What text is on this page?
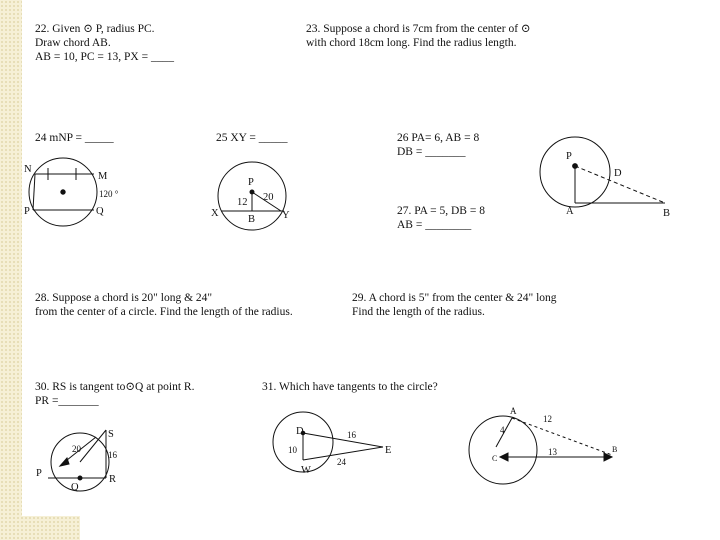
22. Given ⊙ P, radius PC.
Draw chord AB.
AB = 10, PC = 13, PX = ____
23. Suppose a chord is 7cm from the center of ⊙
with chord 18cm long. Find the radius length.
24 mNP = _____	25 XY = _____	26 PA= 6, AB = 8
DB = _______
27. PA = 5, DB = 8
AB = ________
28. Suppose a chord is 20" long & 24"
from the center of a circle. Find the length of the radius.
29. A chord is 5" from the center & 24" long
Find the length of the radius.
30. RS is tangent to⊙Q at point R.
PR =_______
31. Which have tangents to the circle?
N
M
P	Q
120 °
P
12 20
X
B	Y
P
D
A	B
S
20
16
P
Q
R
D	16
10	E
24
W
A
12
4
C
13	B
